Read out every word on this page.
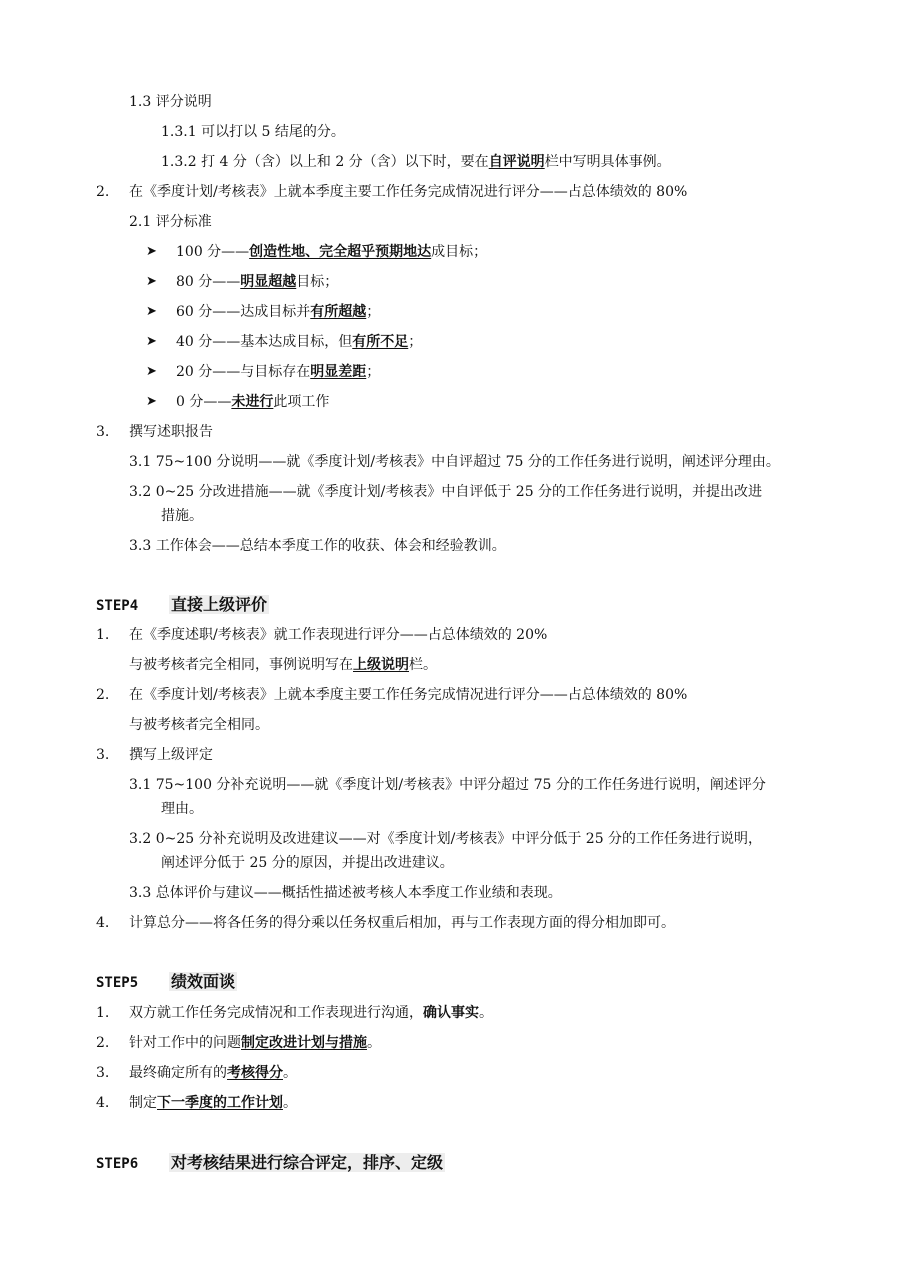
1.3 评分说明
1.3.1 可以打以 5 结尾的分。
1.3.2 打 4 分（含）以上和 2 分（含）以下时，要在自评说明栏中写明具体事例。
2. 在《季度计划/考核表》上就本季度主要工作任务完成情况进行评分——占总体绩效的 80%
2.1 评分标准
➤ 100 分——创造性地、完全超乎预期地达成目标；
➤ 80 分——明显超越目标；
➤ 60 分——达成目标并有所超越；
➤ 40 分——基本达成目标，但有所不足；
➤ 20 分——与目标存在明显差距；
➤ 0 分——未进行此项工作
3. 撰写述职报告
3.1 75~100 分说明——就《季度计划/考核表》中自评超过 75 分的工作任务进行说明，阐述评分理由。
3.2 0~25 分改进措施——就《季度计划/考核表》中自评低于 25 分的工作任务进行说明，并提出改进
措施。
3.3 工作体会——总结本季度工作的收获、体会和经验教训。
STEP4 直接上级评价
1. 在《季度述职/考核表》就工作表现进行评分——占总体绩效的 20%
与被考核者完全相同，事例说明写在上级说明栏。
2. 在《季度计划/考核表》上就本季度主要工作任务完成情况进行评分——占总体绩效的 80%
与被考核者完全相同。
3. 撰写上级评定
3.1 75~100 分补充说明——就《季度计划/考核表》中评分超过 75 分的工作任务进行说明，阐述评分
理由。
3.2 0~25 分补充说明及改进建议——对《季度计划/考核表》中评分低于 25 分的工作任务进行说明，
阐述评分低于 25 分的原因，并提出改进建议。
3.3 总体评价与建议——概括性描述被考核人本季度工作业绩和表现。
4. 计算总分——将各任务的得分乘以任务权重后相加，再与工作表现方面的得分相加即可。
STEP5 绩效面谈
1. 双方就工作任务完成情况和工作表现进行沟通，确认事实。
2. 针对工作中的问题制定改进计划与措施。
3. 最终确定所有的考核得分。
4. 制定下一季度的工作计划。
STEP6 对考核结果进行综合评定，排序、定级
